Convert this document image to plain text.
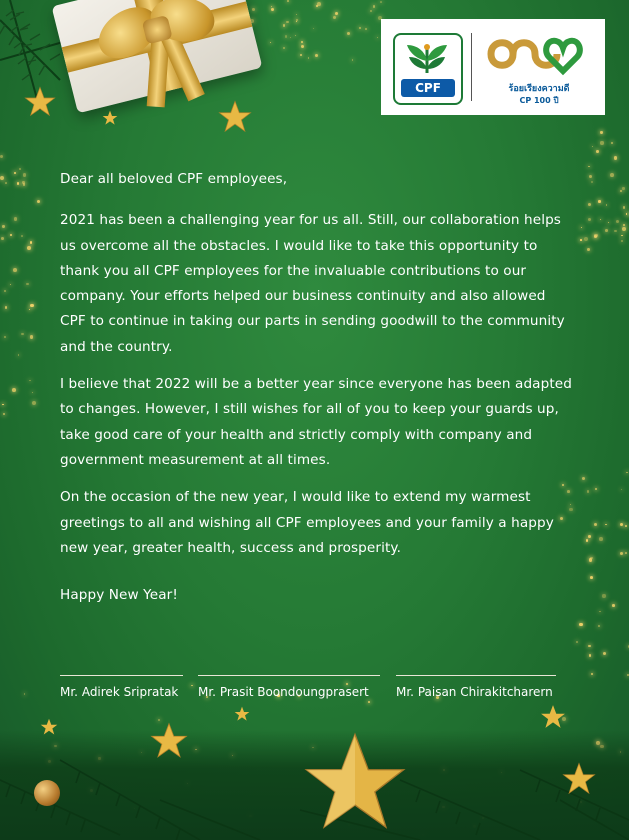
CPF	ร้อยเรียงความดี
CP 100 ปี

Dear all beloved CPF employees,

2021 has been a challenging year for us all. Still, our collaboration helps us overcome all the obstacles. I would like to take this opportunity to thank you all CPF employees for the invaluable contributions to our company. Your efforts helped our business continuity and also allowed CPF to continue in taking our parts in sending goodwill to the community and the country.

I believe that 2022 will be a better year since everyone has been adapted to changes. However, I still wishes for all of you to keep your guards up, take good care of your health and strictly comply with company and government measurement at all times.

On the occasion of the new year, I would like to extend my warmest greetings to all and wishing all CPF employees and your family a happy new year, greater health, success and prosperity.

Happy New Year!

Mr. Adirek Sripratak	Mr. Prasit Boondoungprasert	Mr. Paisan Chirakitcharern
